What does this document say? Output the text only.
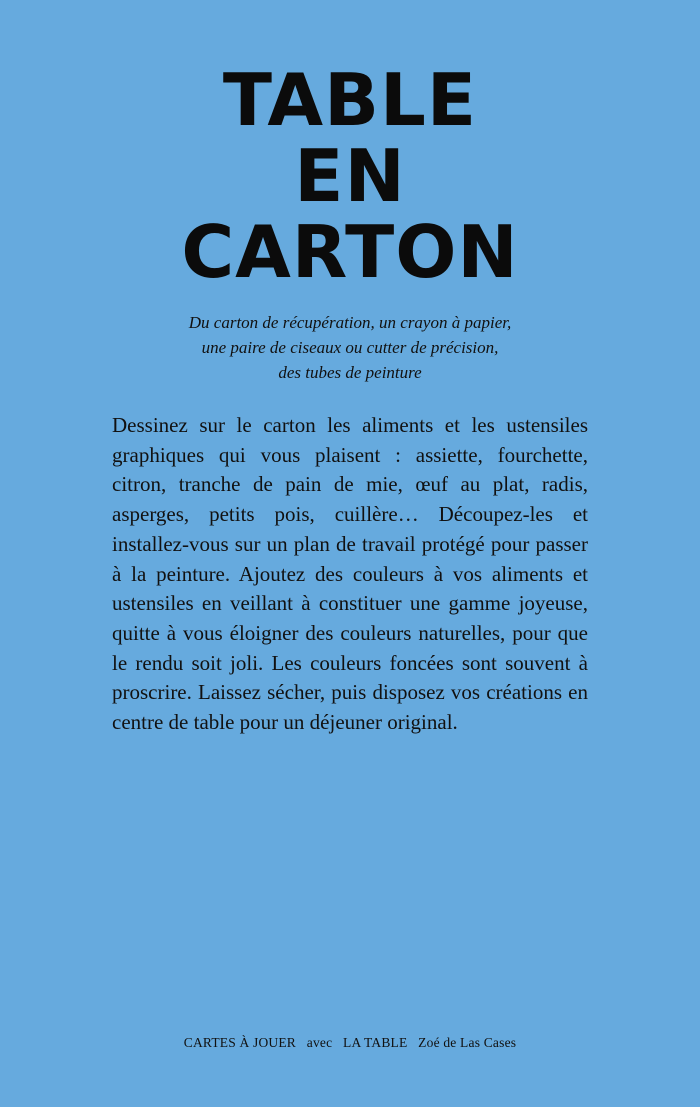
TABLE
EN
CARTON
Du carton de récupération, un crayon à papier,
une paire de ciseaux ou cutter de précision,
des tubes de peinture

Dessinez sur le carton les aliments et les ustensiles graphiques qui vous plaisent : assiette, fourchette, citron, tranche de pain de mie, œuf au plat, radis, asperges, petits pois, cuillère… Découpez-les et installez-vous sur un plan de travail protégé pour passer à la peinture. Ajoutez des couleurs à vos aliments et ustensiles en veillant à constituer une gamme joyeuse, quitte à vous éloigner des couleurs naturelles, pour que le rendu soit joli. Les couleurs foncées sont souvent à proscrire. Laissez sécher, puis disposez vos créations en centre de table pour un déjeuner original.

CARTES À JOUER avec LA TABLE Zoé de Las Cases
